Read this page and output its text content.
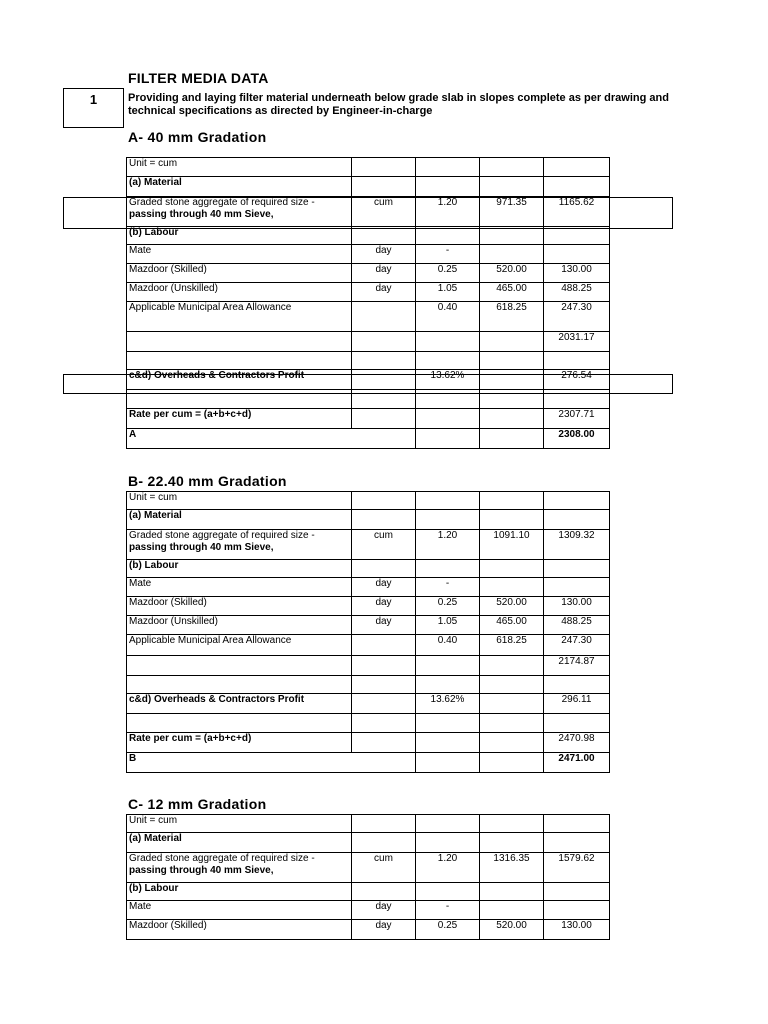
FILTER MEDIA DATA
1	Providing and laying filter material underneath below grade slab in slopes complete as per drawing and technical specifications as directed by Engineer-in-charge
A- 40 mm Gradation
Unit = cum				
(a) Material				
Graded stone aggregate of required size -
passing through 40 mm Sieve,	cum	1.20	971.35	1165.62
(b) Labour				
Mate	day	-		
Mazdoor (Skilled)	day	0.25	520.00	130.00
Mazdoor (Unskilled)	day	1.05	465.00	488.25
Applicable Municipal Area Allowance		0.40	618.25	247.30
				2031.17

c&d) Overheads & Contractors Profit		13.62%		276.54

Rate per cum = (a+b+c+d)				2307.71
A				2308.00
B- 22.40 mm Gradation
Unit = cum				
(a) Material				
Graded stone aggregate of required size -
passing through 40 mm Sieve,	cum	1.20	1091.10	1309.32
(b) Labour				
Mate	day	-		
Mazdoor (Skilled)	day	0.25	520.00	130.00
Mazdoor (Unskilled)	day	1.05	465.00	488.25
Applicable Municipal Area Allowance		0.40	618.25	247.30
				2174.87

c&d) Overheads & Contractors Profit		13.62%		296.11

Rate per cum = (a+b+c+d)				2470.98
B				2471.00
C- 12 mm Gradation
Unit = cum				
(a) Material				
Graded stone aggregate of required size -
passing through 40 mm Sieve,	cum	1.20	1316.35	1579.62
(b) Labour				
Mate	day	-		
Mazdoor (Skilled)	day	0.25	520.00	130.00
